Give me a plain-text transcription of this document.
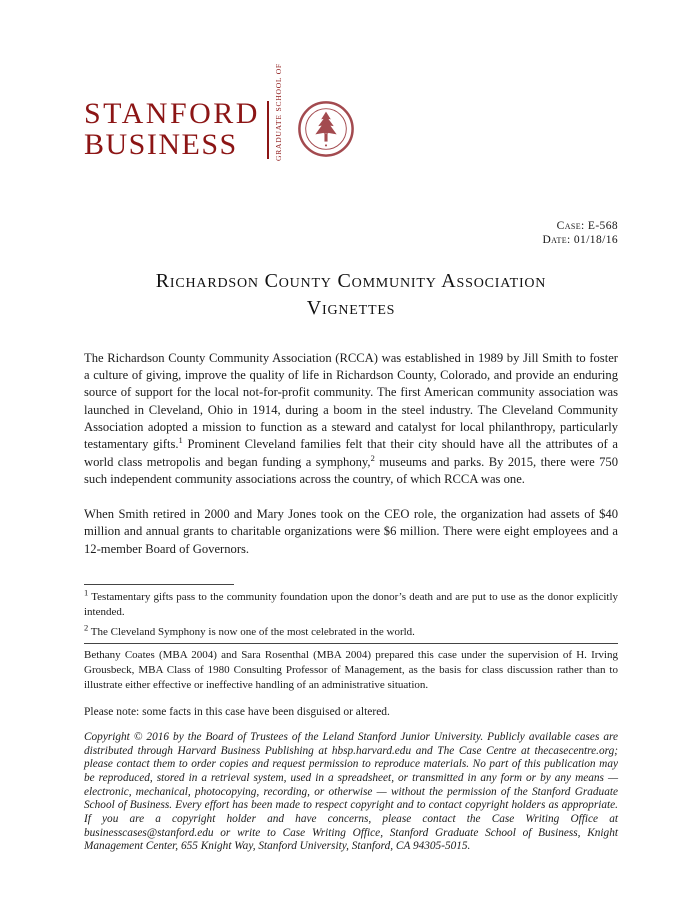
STANFORD
BUSINESS	GRADUATE SCHOOL OF
Case: E-568
Date: 01/18/16
Richardson County Community Association
Vignettes

The Richardson County Community Association (RCCA) was established in 1989 by Jill Smith to foster a culture of giving, improve the quality of life in Richardson County, Colorado, and provide an enduring source of support for the local not-for-profit community. The first American community association was launched in Cleveland, Ohio in 1914, during a boom in the steel industry. The Cleveland Community Association adopted a mission to function as a steward and catalyst for local philanthropy, particularly testamentary gifts.$^1$ Prominent Cleveland families felt that their city should have all the attributes of a world class metropolis and began funding a symphony,$^2$ museums and parks. By 2015, there were 750 such independent community associations across the country, of which RCCA was one.

When Smith retired in 2000 and Mary Jones took on the CEO role, the organization had assets of $40 million and annual grants to charitable organizations were $6 million. There were eight employees and a 12-member Board of Governors.

$^1$ Testamentary gifts pass to the community foundation upon the donor’s death and are put to use as the donor explicitly intended.
$^2$ The Cleveland Symphony is now one of the most celebrated in the world.

Bethany Coates (MBA 2004) and Sara Rosenthal (MBA 2004) prepared this case under the supervision of H. Irving Grousbeck, MBA Class of 1980 Consulting Professor of Management, as the basis for class discussion rather than to illustrate either effective or ineffective handling of an administrative situation.

Please note: some facts in this case have been disguised or altered.

Copyright © 2016 by the Board of Trustees of the Leland Stanford Junior University. Publicly available cases are distributed through Harvard Business Publishing at hbsp.harvard.edu and The Case Centre at thecasecentre.org; please contact them to order copies and request permission to reproduce materials. No part of this publication may be reproduced, stored in a retrieval system, used in a spreadsheet, or transmitted in any form or by any means — electronic, mechanical, photocopying, recording, or otherwise — without the permission of the Stanford Graduate School of Business. Every effort has been made to respect copyright and to contact copyright holders as appropriate. If you are a copyright holder and have concerns, please contact the Case Writing Office at businesscases@stanford.edu or write to Case Writing Office, Stanford Graduate School of Business, Knight Management Center, 655 Knight Way, Stanford University, Stanford, CA 94305-5015.
